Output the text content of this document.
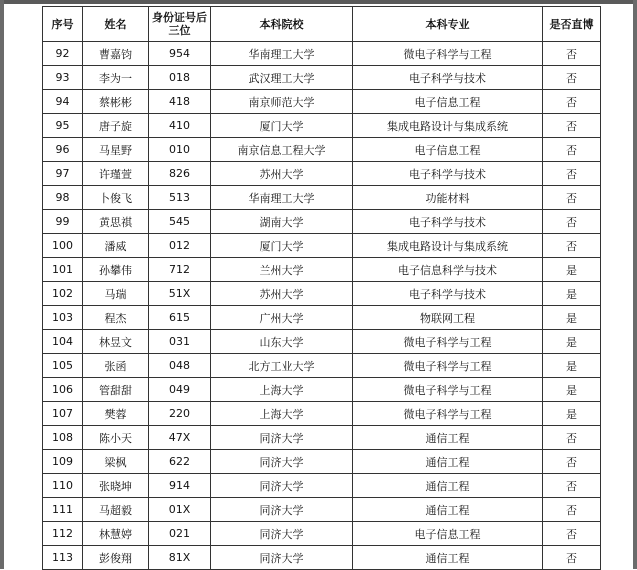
序号	姓名	身份证号后三位	本科院校	本科专业	是否直博
92	曹嘉钧	954	华南理工大学	微电子科学与工程	否
93	李为一	018	武汉理工大学	电子科学与技术	否
94	蔡彬彬	418	南京师范大学	电子信息工程	否
95	唐子旋	410	厦门大学	集成电路设计与集成系统	否
96	马星野	010	南京信息工程大学	电子信息工程	否
97	许瑾萱	826	苏州大学	电子科学与技术	否
98	卜俊飞	513	华南理工大学	功能材料	否
99	黄思祺	545	湖南大学	电子科学与技术	否
100	潘威	012	厦门大学	集成电路设计与集成系统	否
101	孙攀伟	712	兰州大学	电子信息科学与技术	是
102	马瑞	51X	苏州大学	电子科学与技术	是
103	程杰	615	广州大学	物联网工程	是
104	林昱文	031	山东大学	微电子科学与工程	是
105	张函	048	北方工业大学	微电子科学与工程	是
106	管甜甜	049	上海大学	微电子科学与工程	是
107	樊蓉	220	上海大学	微电子科学与工程	是
108	陈小天	47X	同济大学	通信工程	否
109	梁枫	622	同济大学	通信工程	否
110	张晓坤	914	同济大学	通信工程	否
111	马超毅	01X	同济大学	通信工程	否
112	林慧婷	021	同济大学	电子信息工程	否
113	彭俊翔	81X	同济大学	通信工程	否
